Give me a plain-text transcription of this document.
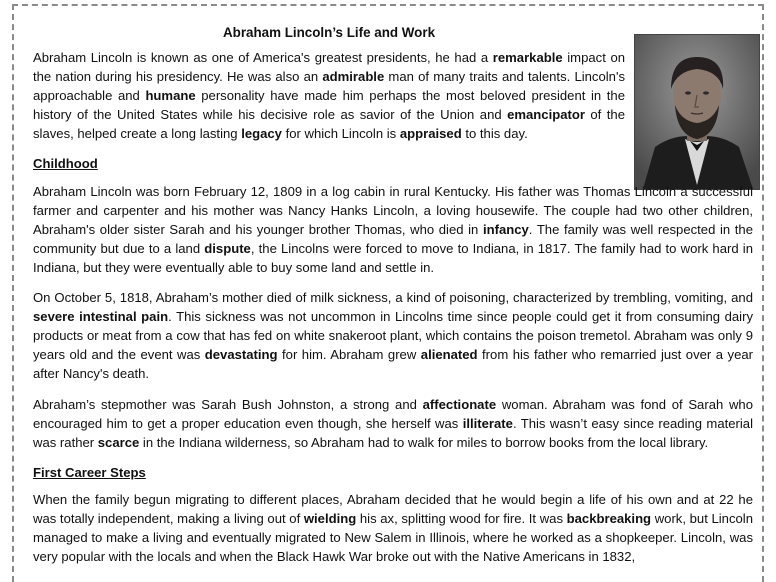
Abraham Lincoln’s Life and Work

Abraham Lincoln is known as one of America's greatest presidents, he had a remarkable impact on the nation during his presidency. He was also an admirable man of many traits and talents. Lincoln's approachable and humane personality have made him perhaps the most beloved president in the history of the United States while his decisive role as savior of the Union and emancipator of the slaves, helped create a long lasting legacy for which Lincoln is appraised to this day.

Childhood

Abraham Lincoln was born February 12, 1809 in a log cabin in rural Kentucky. His father was Thomas Lincoln a successful farmer and carpenter and his mother was Nancy Hanks Lincoln, a loving housewife. The couple had two other children, Abraham's older sister Sarah and his younger brother Thomas, who died in infancy. The family was well respected in the community but due to a land dispute, the Lincolns were forced to move to Indiana, in 1817. The family had to work hard in Indiana, but they were eventually able to buy some land and settle in.

On October 5, 1818, Abraham’s mother died of milk sickness, a kind of poisoning, characterized by trembling, vomiting, and severe intestinal pain. This sickness was not uncommon in Lincolns time since people could get it from consuming dairy products or meat from a cow that has fed on white snakeroot plant, which contains the poison tremetol. Abraham was only 9 years old and the event was devastating for him. Abraham grew alienated from his father who remarried just over a year after Nancy's death.

Abraham’s stepmother was Sarah Bush Johnston, a strong and affectionate woman. Abraham was fond of Sarah who encouraged him to get a proper education even though, she herself was illiterate. This wasn’t easy since reading material was rather scarce in the Indiana wilderness, so Abraham had to walk for miles to borrow books from the local library.

First Career Steps

When the family begun migrating to different places, Abraham decided that he would begin a life of his own and at 22 he was totally independent, making a living out of wielding his ax, splitting wood for fire. It was backbreaking work, but Lincoln managed to make a living and eventually migrated to New Salem in Illinois, where he worked as a shopkeeper. Lincoln, was very popular with the locals and when the Black Hawk War broke out with the Native Americans in 1832,
